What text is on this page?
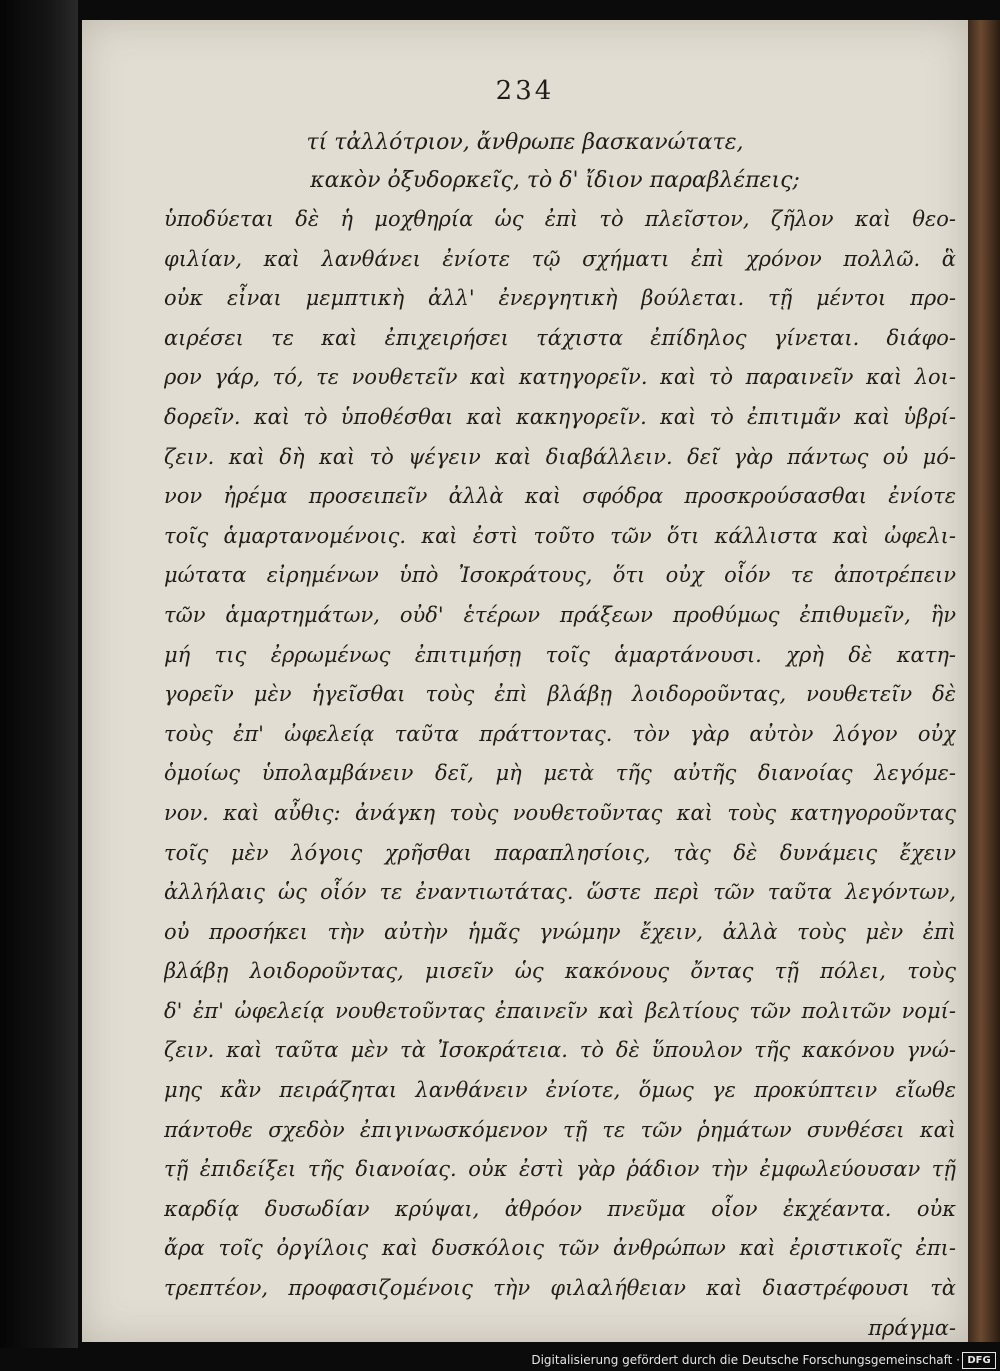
234
τί τἀλλότριον, ἄνθρωπε βασκανώτατε,
κακὸν ὀξυδορκεῖς, τὸ δ' ἴδιον παραβλέπεις;
ὑποδύεται δὲ ἡ μοχθηρία ὡς ἐπὶ τὸ πλεῖστον, ζῆλον καὶ θεο-
φιλίαν, καὶ λανθάνει ἐνίοτε τῷ σχήματι ἐπὶ χρόνον πολλῶ. ἃ
οὐκ εἶναι μεμπτικὴ ἀλλ' ἐνεργητικὴ βούλεται. τῇ μέντοι προ-
αιρέσει τε καὶ ἐπιχειρήσει τάχιστα ἐπίδηλος γίνεται. διάφο-
ρον γάρ, τό, τε νουθετεῖν καὶ κατηγορεῖν. καὶ τὸ παραινεῖν καὶ λοι-
δορεῖν. καὶ τὸ ὑποθέσθαι καὶ κακηγορεῖν. καὶ τὸ ἐπιτιμᾶν καὶ ὑβρί-
ζειν. καὶ δὴ καὶ τὸ ψέγειν καὶ διαβάλλειν. δεῖ γὰρ πάντως οὐ μό-
νον ἠρέμα προσειπεῖν ἀλλὰ καὶ σφόδρα προσκρούσασθαι ἐνίοτε
τοῖς ἁμαρτανομένοις. καὶ ἐστὶ τοῦτο τῶν ὅτι κάλλιστα καὶ ὠφελι-
μώτατα εἰρημένων ὑπὸ Ἰσοκράτους, ὅτι οὐχ οἷόν τε ἀποτρέπειν
τῶν ἁμαρτημάτων, οὐδ' ἑτέρων πράξεων προθύμως ἐπιθυμεῖν, ἣν
μή τις ἐρρωμένως ἐπιτιμήσῃ τοῖς ἁμαρτάνουσι. χρὴ δὲ κατη-
γορεῖν μὲν ἡγεῖσθαι τοὺς ἐπὶ βλάβῃ λοιδοροῦντας, νουθετεῖν δὲ
τοὺς ἐπ' ὠφελείᾳ ταῦτα πράττοντας. τὸν γὰρ αὐτὸν λόγον οὐχ
ὁμοίως ὑπολαμβάνειν δεῖ, μὴ μετὰ τῆς αὐτῆς διανοίας λεγόμε-
νον. καὶ αὖθις: ἀνάγκη τοὺς νουθετοῦντας καὶ τοὺς κατηγοροῦντας
τοῖς μὲν λόγοις χρῆσθαι παραπλησίοις, τὰς δὲ δυνάμεις ἔχειν
ἀλλήλαις ὡς οἷόν τε ἐναντιωτάτας. ὥστε περὶ τῶν ταῦτα λεγόντων,
οὐ προσήκει τὴν αὐτὴν ἡμᾶς γνώμην ἔχειν, ἀλλὰ τοὺς μὲν ἐπὶ
βλάβῃ λοιδοροῦντας, μισεῖν ὡς κακόνους ὄντας τῇ πόλει, τοὺς
δ' ἐπ' ὠφελείᾳ νουθετοῦντας ἐπαινεῖν καὶ βελτίους τῶν πολιτῶν νομί-
ζειν. καὶ ταῦτα μὲν τὰ Ἰσοκράτεια. τὸ δὲ ὕπουλον τῆς κακόνου γνώ-
μης κἂν πειράζηται λανθάνειν ἐνίοτε, ὅμως γε προκύπτειν εἴωθε
πάντοθε σχεδὸν ἐπιγινωσκόμενον τῇ τε τῶν ῥημάτων συνθέσει καὶ
τῇ ἐπιδείξει τῆς διανοίας. οὐκ ἐστὶ γὰρ ῥάδιον τὴν ἐμφωλεύουσαν τῇ
καρδίᾳ δυσωδίαν κρύψαι, ἀθρόον πνεῦμα οἷον ἐκχέαντα. οὐκ
ἄρα τοῖς ὀργίλοις καὶ δυσκόλοις τῶν ἀνθρώπων καὶ ἐριστικοῖς ἐπι-
τρεπτέον, προφασιζομένοις τὴν φιλαλήθειαν καὶ διαστρέφουσι τὰ
πράγμα-
Digitalisierung gefördert durch die Deutsche Forschungsgemeinschaft · DFG
